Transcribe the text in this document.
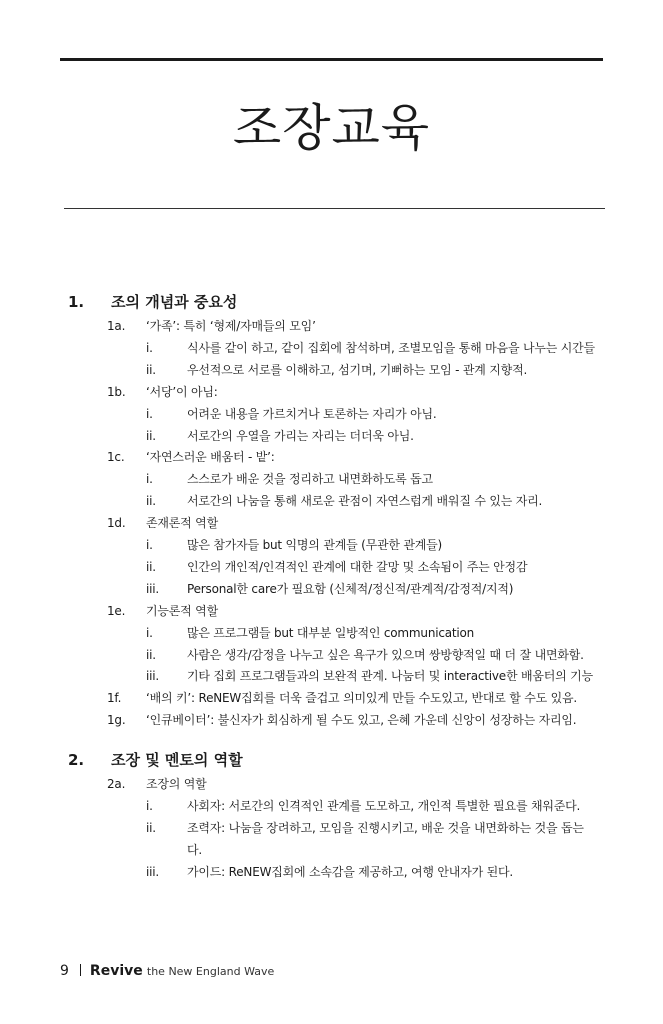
조장교육
1.	조의 개념과 중요성
1a. ‘가족’: 특히 ‘형제/자매들의 모임’
i.	식사를 같이 하고, 같이 집회에 참석하며, 조별모임을 통해 마음을 나누는 시간들
ii.	우선적으로 서로를 이해하고, 섬기며, 기뻐하는 모임 - 관계 지향적.
1b. ‘서당’이 아님:
i.	어려운 내용을 가르치거나 토론하는 자리가 아님.
ii.	서로간의 우열을 가리는 자리는 더더욱 아님.
1c. ‘자연스러운 배움터 - 밭’:
i.	스스로가 배운 것을 정리하고 내면화하도록 돕고
ii.	서로간의 나눔을 통해 새로운 관점이 자연스럽게 배워질 수 있는 자리.
1d. 존재론적 역할
i.	많은 참가자들 but 익명의 관계들 (무관한 관계들)
ii.	인간의 개인적/인격적인 관계에 대한 갈망 및 소속됨이 주는 안정감
iii. Personal한 care가 필요함 (신체적/정신적/관계적/감정적/지적)
1e. 기능론적 역할
i.	많은 프로그램들 but 대부분 일방적인 communication
ii.	사람은 생각/감정을 나누고 싶은 욕구가 있으며 쌍방향적일 때 더 잘 내면화함.
iii. 기타 집회 프로그램들과의 보완적 관계. 나눔터 및 interactive한 배움터의 기능
1f. ‘배의 키’: ReNEW집회를 더욱 즐겁고 의미있게 만들 수도있고, 반대로 할 수도 있음.
1g. ‘인큐베이터’: 불신자가 회심하게 될 수도 있고, 은혜 가운데 신앙이 성장하는 자리임.
2.	조장 및 멘토의 역할
2a. 조장의 역할
i.	사회자: 서로간의 인격적인 관계를 도모하고, 개인적 특별한 필요를 채워준다.
ii.	조력자: 나눔을 장려하고, 모임을 진행시키고, 배운 것을 내면화하는 것을 돕는
다.
iii. 가이드: ReNEW집회에 소속감을 제공하고, 여행 안내자가 된다.
9 Revive the New England Wave
